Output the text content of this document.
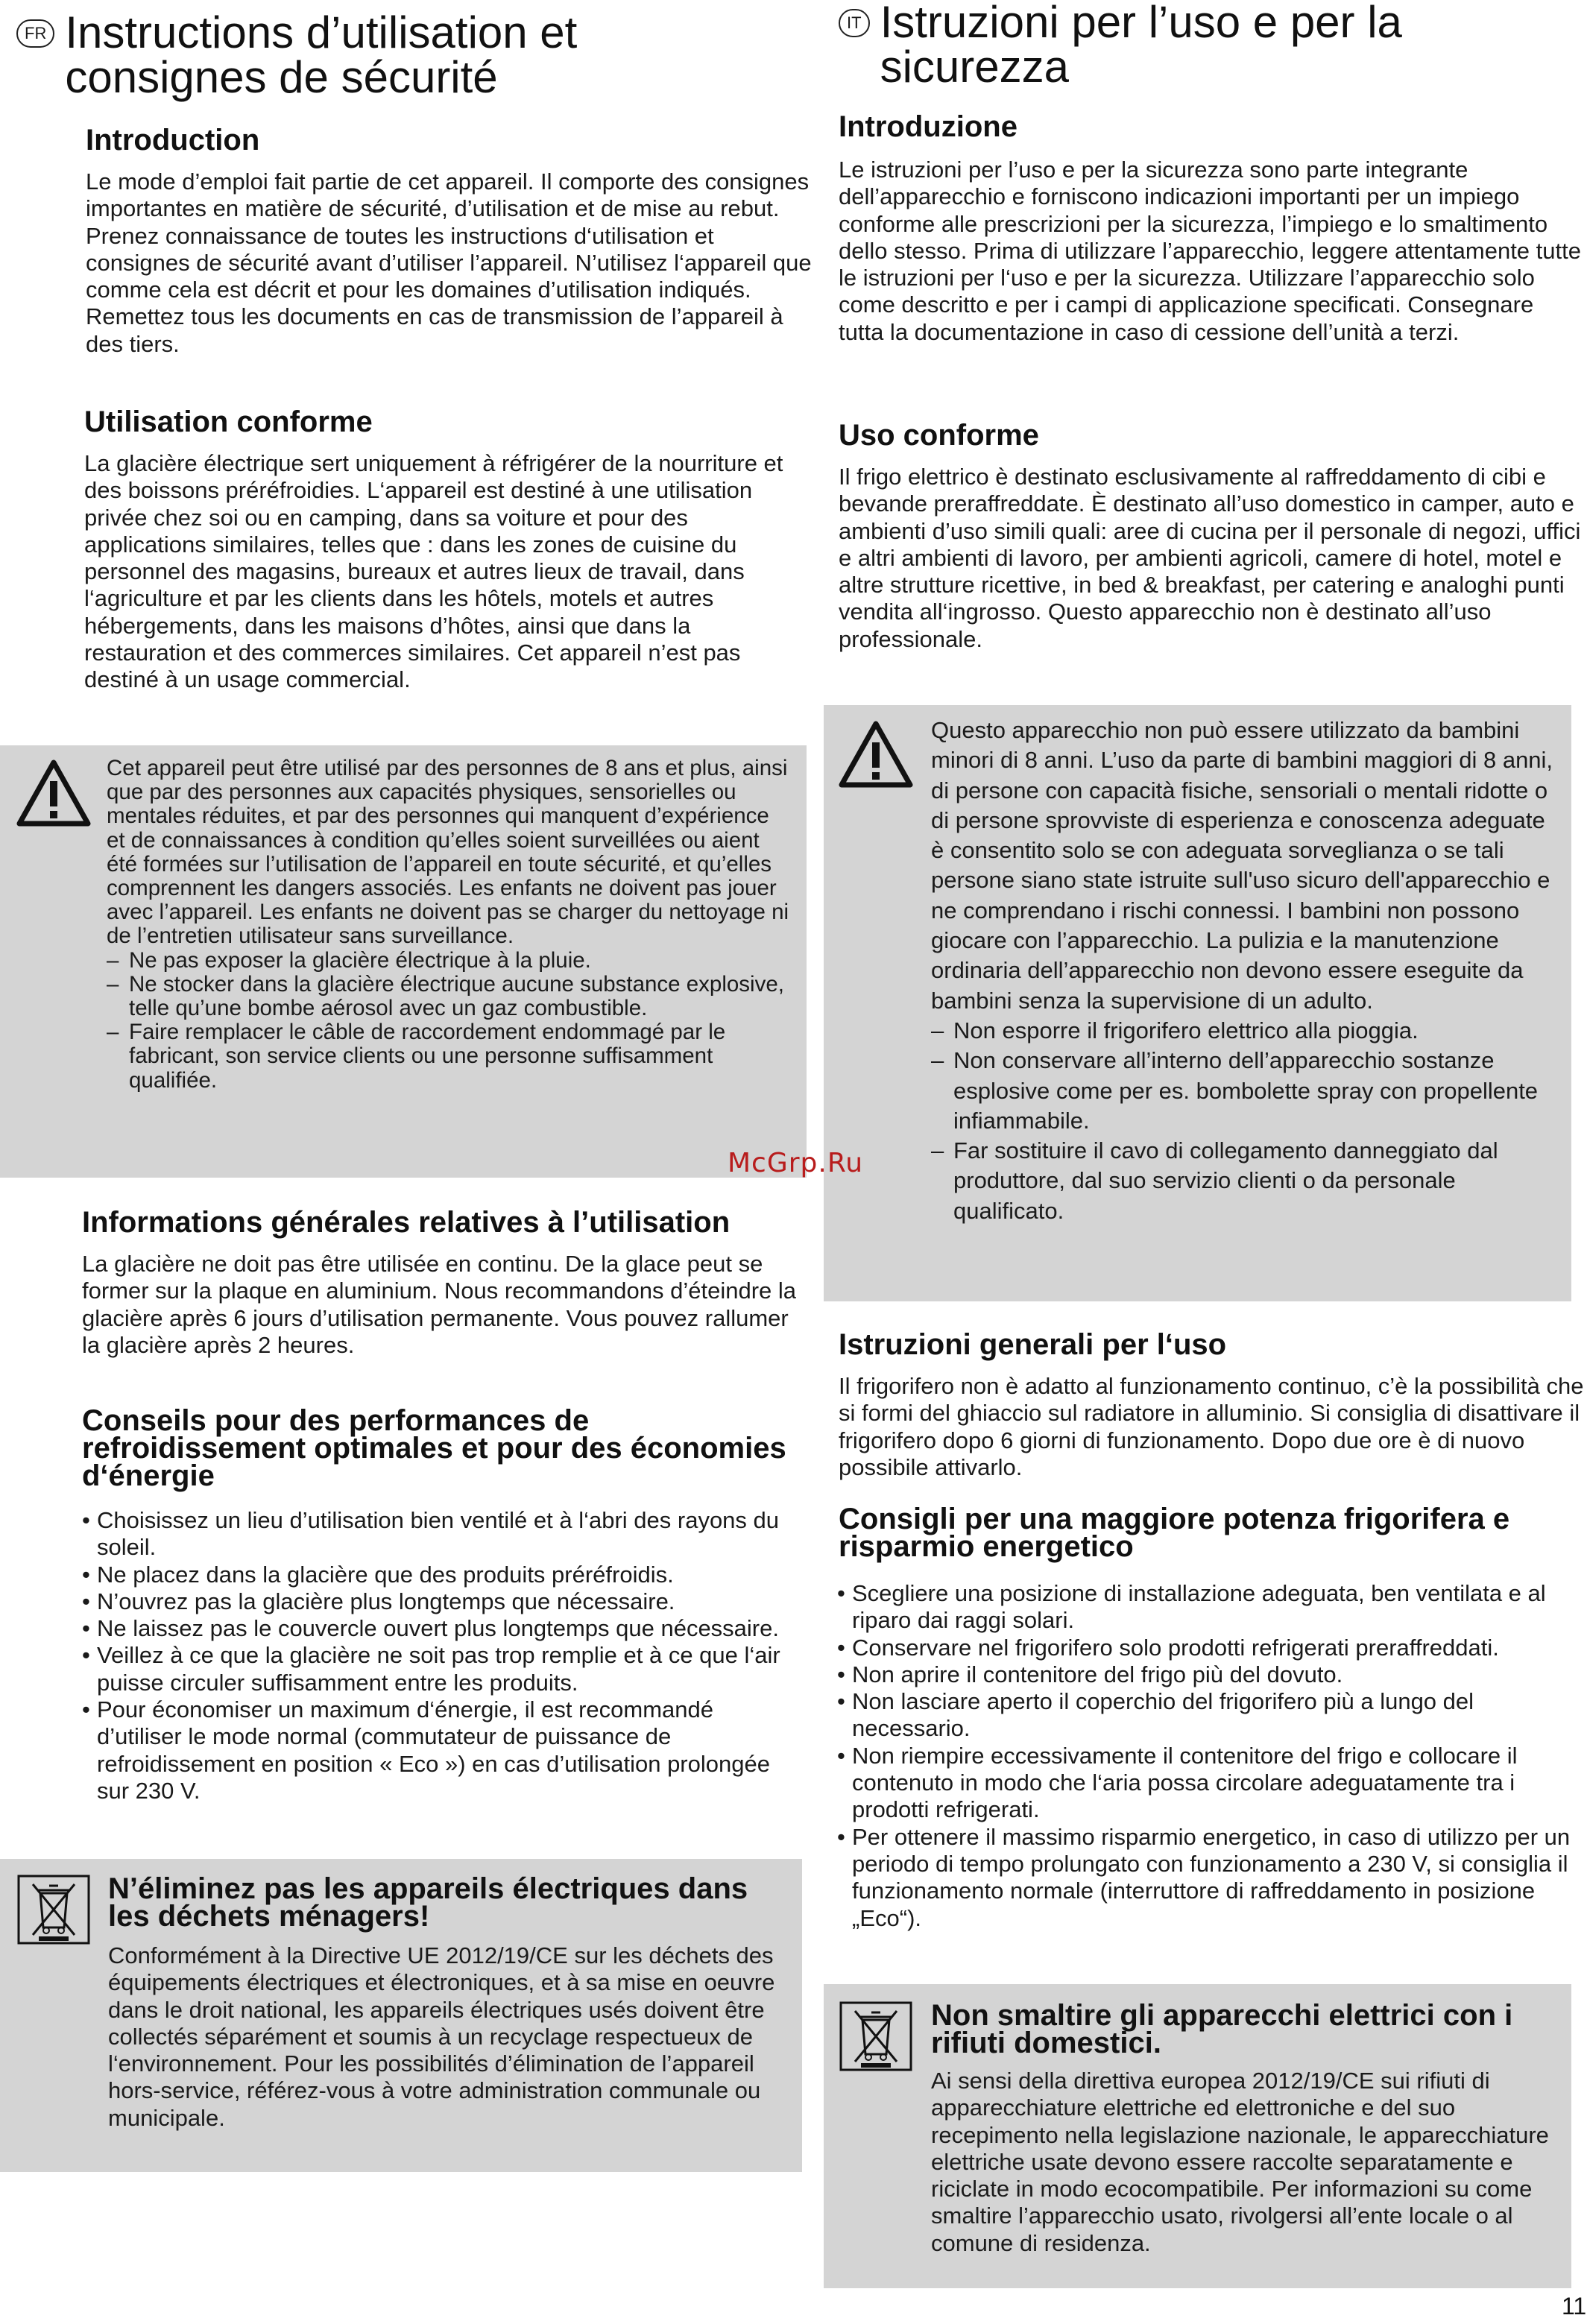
FR Instructions d’utilisation et
consignes de sécurité
Introduction

Le mode d’emploi fait partie de cet appareil. Il comporte des consignes importantes en matière de sécurité, d’utilisation et de mise au rebut. Prenez connaissance de toutes les instructions d‘utilisation et consignes de sécurité avant d’utiliser l’appareil. N’utilisez l‘appareil que comme cela est décrit et pour les domaines d’utilisation indiqués. Remettez tous les documents en cas de transmission de l’appareil à des tiers.

Utilisation conforme

La glacière électrique sert uniquement à réfrigérer de la nourriture et des boissons préréfroidies. L‘appareil est destiné à une utilisation privée chez soi ou en camping, dans sa voiture et pour des applications similaires, telles que : dans les zones de cuisine du personnel des magasins, bureaux et autres lieux de travail, dans l‘agriculture et par les clients dans les hôtels, motels et autres hébergements, dans les maisons d’hôtes, ainsi que dans la restauration et des commerces similaires. Cet appareil n’est pas destiné à un usage commercial.

Cet appareil peut être utilisé par des personnes de 8 ans et plus, ainsi que par des personnes aux capacités physiques, sensorielles ou mentales réduites, et par des personnes qui manquent d’expérience et de connaissances à condition qu’elles soient surveillées ou aient été formées sur l’utilisation de l’appareil en toute sécurité, et qu’elles comprennent les dangers associés. Les enfants ne doivent pas jouer avec l’appareil. Les enfants ne doivent pas se charger du nettoyage ni de l’entretien utilisateur sans surveillance.
– Ne pas exposer la glacière électrique à la pluie.
– Ne stocker dans la glacière électrique aucune substance explosive, telle qu’une bombe aérosol avec un gaz combustible.
– Faire remplacer le câble de raccordement endommagé par le fabricant, son service clients ou une personne suffisamment qualifiée.
Informations générales relatives à l’utilisation

La glacière ne doit pas être utilisée en continu. De la glace peut se former sur la plaque en aluminium. Nous recommandons d’éteindre la glacière après 6 jours d’utilisation permanente. Vous pouvez rallumer la glacière après 2 heures.

Conseils pour des performances de refroidissement optimales et pour des économies d‘énergie
• Choisissez un lieu d’utilisation bien ventilé et à l‘abri des rayons du soleil.
• Ne placez dans la glacière que des produits préréfroidis.
• N’ouvrez pas la glacière plus longtemps que nécessaire.
• Ne laissez pas le couvercle ouvert plus longtemps que nécessaire.
• Veillez à ce que la glacière ne soit pas trop remplie et à ce que l‘air puisse circuler suffisamment entre les produits.
• Pour économiser un maximum d‘énergie, il est recommandé d’utiliser le mode normal (commutateur de puissance de refroidissement en position « Eco ») en cas d’utilisation prolongée sur 230 V.
N’éliminez pas les appareils électriques dans les déchets ménagers!

Conformément à la Directive UE 2012/19/CE sur les déchets des équipements électriques et électroniques, et à sa mise en oeuvre dans le droit national, les appareils électriques usés doivent être collectés séparément et soumis à un recyclage respectueux de l‘environnement. Pour les possibilités d’élimination de l’appareil hors-service, référez-vous à votre administration communale ou municipale.

IT Istruzioni per l’uso e per la
sicurezza
Introduzione

Le istruzioni per l’uso e per la sicurezza sono parte integrante dell’apparecchio e forniscono indicazioni importanti per un impiego conforme alle prescrizioni per la sicurezza, l’impiego e lo smaltimento dello stesso. Prima di utilizzare l’apparecchio, leggere attentamente tutte le istruzioni per l‘uso e per la sicurezza. Utilizzare l’apparecchio solo come descritto e per i campi di applicazione specificati. Consegnare tutta la documentazione in caso di cessione dell’unità a terzi.

Uso conforme

Il frigo elettrico è destinato esclusivamente al raffreddamento di cibi e bevande preraffreddate. È destinato all’uso domestico in camper, auto e ambienti d’uso simili quali: aree di cucina per il personale di negozi, uffici e altri ambienti di lavoro, per ambienti agricoli, camere di hotel, motel e altre strutture ricettive, in bed & breakfast, per catering e analoghi punti vendita all‘ingrosso. Questo apparecchio non è destinato all’uso professionale.

Questo apparecchio non può essere utilizzato da bambini minori di 8 anni. L’uso da parte di bambini maggiori di 8 anni, di persone con capacità fisiche, sensoriali o mentali ridotte o di persone sprovviste di esperienza e conoscenza adeguate è consentito solo se con adeguata sorveglianza o se tali persone siano state istruite sull'uso sicuro dell'apparecchio e ne comprendano i rischi connessi. I bambini non possono giocare con l’apparecchio. La pulizia e la manutenzione ordinaria dell’apparecchio non devono essere eseguite da bambini senza la supervisione di un adulto.
– Non esporre il frigorifero elettrico alla pioggia.
– Non conservare all’interno dell’apparecchio sostanze esplosive come per es. bombolette spray con propellente infiammabile.
– Far sostituire il cavo di collegamento danneggiato dal produttore, dal suo servizio clienti o da personale qualificato.
Istruzioni generali per l‘uso

Il frigorifero non è adatto al funzionamento continuo, c’è la possibilità che si formi del ghiaccio sul radiatore in alluminio. Si consiglia di disattivare il frigorifero dopo 6 giorni di funzionamento. Dopo due ore è di nuovo possibile attivarlo.

Consigli per una maggiore potenza frigorifera e risparmio energetico
• Scegliere una posizione di installazione adeguata, ben ventilata e al riparo dai raggi solari.
• Conservare nel frigorifero solo prodotti refrigerati preraffreddati.
• Non aprire il contenitore del frigo più del dovuto.
• Non lasciare aperto il coperchio del frigorifero più a lungo del necessario.
• Non riempire eccessivamente il contenitore del frigo e collocare il contenuto in modo che l‘aria possa circolare adeguatamente tra i prodotti refrigerati.
• Per ottenere il massimo risparmio energetico, in caso di utilizzo per un periodo di tempo prolungato con funzionamento a 230 V, si consiglia il funzionamento normale (interruttore di raffreddamento in posizione „Eco“).
Non smaltire gli apparecchi elettrici con i rifiuti domestici.

Ai sensi della direttiva europea 2012/19/CE sui rifiuti di apparecchiature elettriche ed elettroniche e del suo recepimento nella legislazione nazionale, le apparecchiature elettriche usate devono essere raccolte separatamente e riciclate in modo ecocompatibile. Per informazioni su come smaltire l’apparecchio usato, rivolgersi all’ente locale o al comune di residenza.

McGrp.Ru
11
